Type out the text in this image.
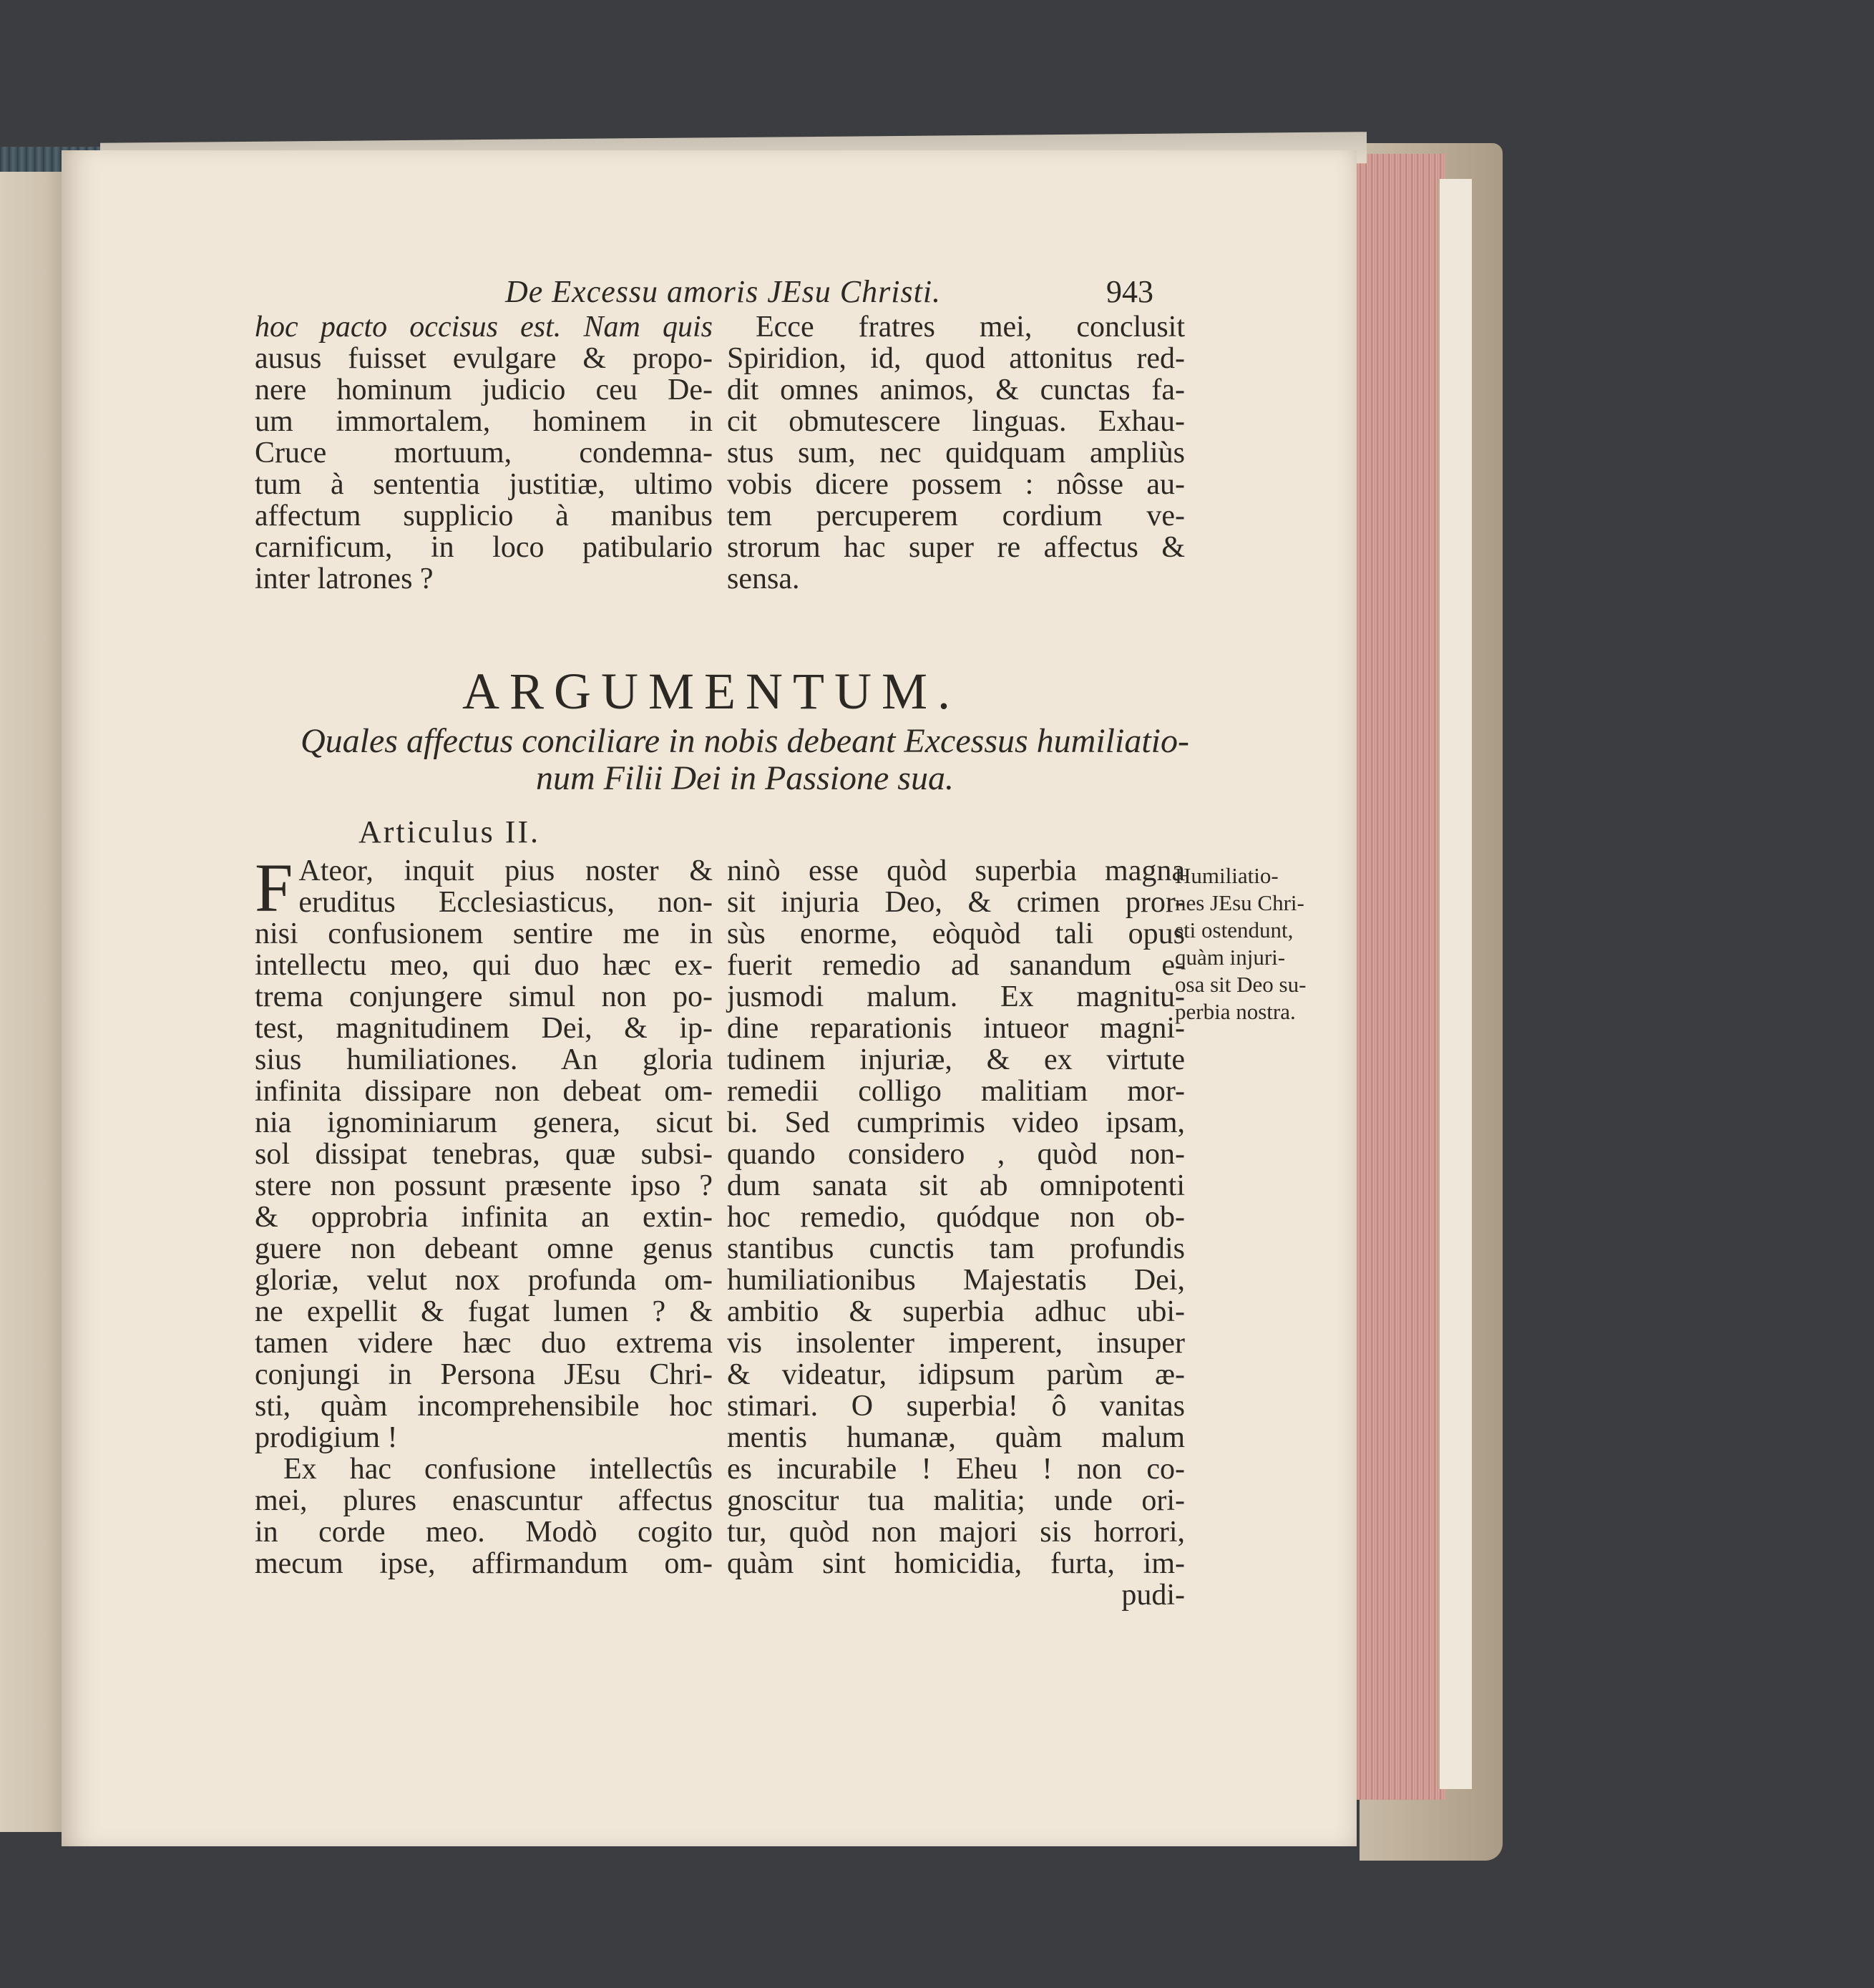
De Excessu amoris JEsu Christi.	943
hoc pacto occisus est. Nam quis
ausus fuisset evulgare & propo-
nere hominum judicio ceu De-
um immortalem, hominem in
Cruce mortuum, condemna-
tum à sententia justitiæ, ultimo
affectum supplicio à manibus
carnificum, in loco patibulario
inter latrones ?
Ecce fratres mei, conclusit
Spiridion, id, quod attonitus red-
dit omnes animos, & cunctas fa-
cit obmutescere linguas. Exhau-
stus sum, nec quidquam ampliùs
vobis dicere possem : nôsse au-
tem percuperem cordium ve-
strorum hac super re affectus &
sensa.
ARGUMENTUM.
Quales affectus conciliare in nobis debeant Excessus humiliatio-
num Filii Dei in Passione sua.
Articulus II.
F Ateor, inquit pius noster &
eruditus Ecclesiasticus, non-
nisi confusionem sentire me in
intellectu meo, qui duo hæc ex-
trema conjungere simul non po-
test, magnitudinem Dei, & ip-
sius humiliationes. An gloria
infinita dissipare non debeat om-
nia ignominiarum genera, sicut
sol dissipat tenebras, quæ subsi-
stere non possunt præsente ipso ?
& opprobria infinita an extin-
guere non debeant omne genus
gloriæ, velut nox profunda om-
ne expellit & fugat lumen ? &
tamen videre hæc duo extrema
conjungi in Persona JEsu Chri-
sti, quàm incomprehensibile hoc
prodigium !
Ex hac confusione intellectûs
mei, plures enascuntur affectus
in corde meo. Modò cogito
mecum ipse, affirmandum om-
ninò esse quòd superbia magna
sit injuria Deo, & crimen pror-
sùs enorme, eòquòd tali opus
fuerit remedio ad sanandum e-
jusmodi malum. Ex magnitu-
dine reparationis intueor magni-
tudinem injuriæ, & ex virtute
remedii colligo malitiam mor-
bi. Sed cumprimis video ipsam,
quando considero , quòd non-
dum sanata sit ab omnipotenti
hoc remedio, quódque non ob-
stantibus cunctis tam profundis
humiliationibus Majestatis Dei,
ambitio & superbia adhuc ubi-
vis insolenter imperent, insuper
& videatur, idipsum parùm æ-
stimari. O superbia! ô vanitas
mentis humanæ, quàm malum
es incurabile ! Eheu ! non co-
gnoscitur tua malitia; unde ori-
tur, quòd non majori sis horrori,
quàm sint homicidia, furta, im-
pudi-
Humiliatio-
nes JEsu Chri-
sti ostendunt,
quàm injuri-
osa sit Deo su-
perbia nostra.
